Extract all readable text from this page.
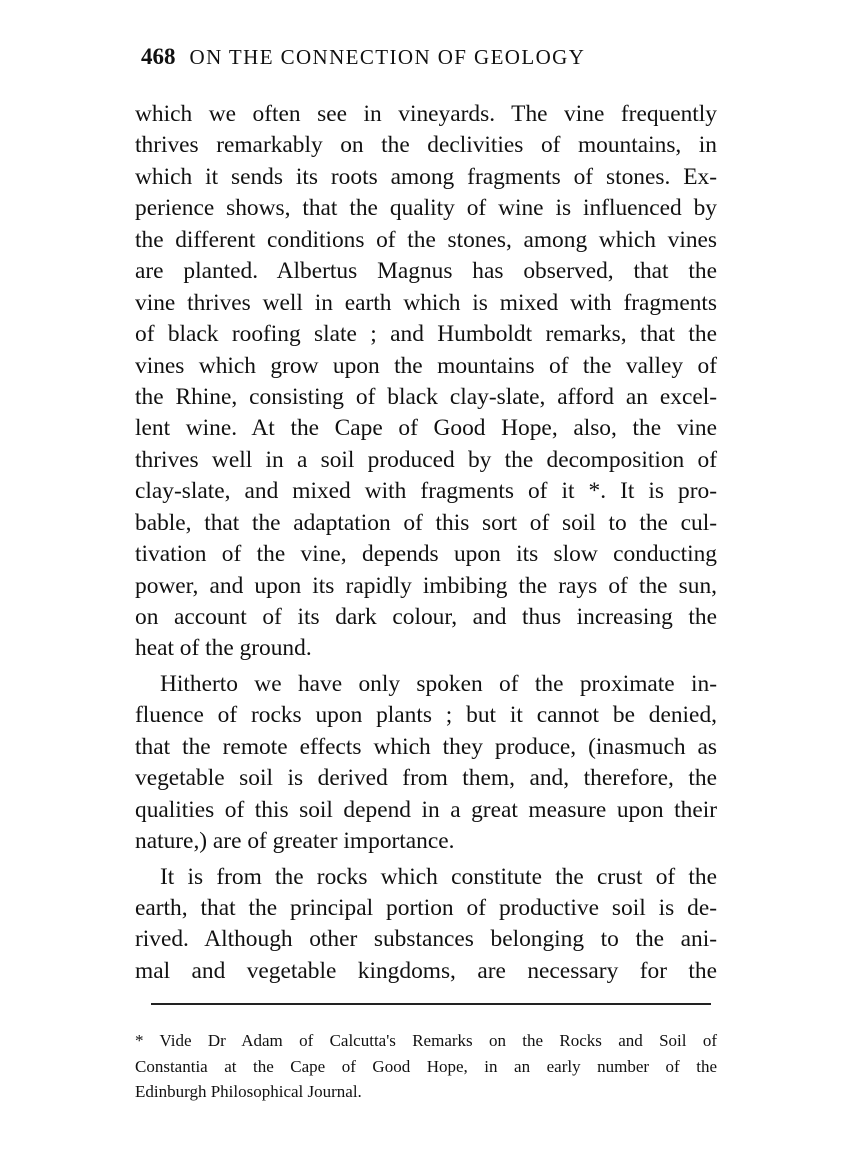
468 ON THE CONNECTION OF GEOLOGY
which we often see in vineyards. The vine frequently
thrives remarkably on the declivities of mountains, in
which it sends its roots among fragments of stones. Ex-
perience shows, that the quality of wine is influenced by
the different conditions of the stones, among which vines
are planted. Albertus Magnus has observed, that the
vine thrives well in earth which is mixed with fragments
of black roofing slate ; and Humboldt remarks, that the
vines which grow upon the mountains of the valley of
the Rhine, consisting of black clay-slate, afford an excel-
lent wine. At the Cape of Good Hope, also, the vine
thrives well in a soil produced by the decomposition of
clay-slate, and mixed with fragments of it *. It is pro-
bable, that the adaptation of this sort of soil to the cul-
tivation of the vine, depends upon its slow conducting
power, and upon its rapidly imbibing the rays of the sun,
on account of its dark colour, and thus increasing the
heat of the ground.
Hitherto we have only spoken of the proximate in-
fluence of rocks upon plants ; but it cannot be denied,
that the remote effects which they produce, (inasmuch as
vegetable soil is derived from them, and, therefore, the
qualities of this soil depend in a great measure upon their
nature,) are of greater importance.
It is from the rocks which constitute the crust of the
earth, that the principal portion of productive soil is de-
rived. Although other substances belonging to the ani-
mal and vegetable kingdoms, are necessary for the
* Vide Dr Adam of Calcutta's Remarks on the Rocks and Soil of
Constantia at the Cape of Good Hope, in an early number of the
Edinburgh Philosophical Journal.
